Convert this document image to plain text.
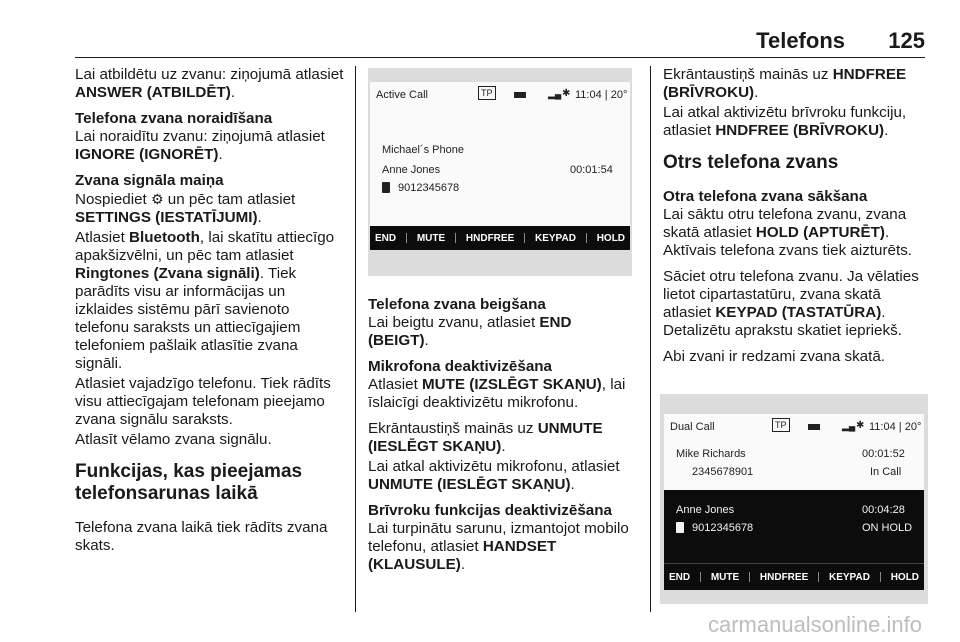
Telefons 125

Lai atbildētu uz zvanu: ziņojumā atlasiet ANSWER (ATBILDĒT).

Telefona zvana noraidīšana

Lai noraidītu zvanu: ziņojumā atlasiet IGNORE (IGNORĒT).

Zvana signāla maiņa

Nospiediet ⚙ un pēc tam atlasiet SETTINGS (IESTATĪJUMI).

Atlasiet Bluetooth, lai skatītu attiecīgo apakšizvēlni, un pēc tam atlasiet Ringtones (Zvana signāli). Tiek parādīts visu ar informācijas un izklaides sistēmu pārī savienoto telefonu saraksts un attiecīgajiem telefoniem pašlaik atlasītie zvana signāli.

Atlasiet vajadzīgo telefonu. Tiek rādīts visu attiecīgajam telefonam pieejamo zvana signālu saraksts.

Atlasīt vēlamo zvana signālu.

Funkcijas, kas pieejamas telefonsarunas laikā

Telefona zvana laikā tiek rādīts zvana skats.

Active Call	TP	▂▄ ✱ 11:04 | 20°
Michael´s Phone
Anne Jones	00:01:54
9012345678
END MUTE HNDFREE KEYPAD HOLD

Telefona zvana beigšana

Lai beigtu zvanu, atlasiet END (BEIGT).

Mikrofona deaktivizēšana

Atlasiet MUTE (IZSLĒGT SKAŅU), lai īslaicīgi deaktivizētu mikrofonu.

Ekrāntaustiņš mainās uz UNMUTE (IESLĒGT SKAŅU).

Lai atkal aktivizētu mikrofonu, atlasiet UNMUTE (IESLĒGT SKAŅU).

Brīvroku funkcijas deaktivizēšana

Lai turpinātu sarunu, izmantojot mobilo telefonu, atlasiet HANDSET (KLAUSULE).

Ekrāntaustiņš mainās uz HNDFREE (BRĪVROKU).

Lai atkal aktivizētu brīvroku funkciju, atlasiet HNDFREE (BRĪVROKU).

Otrs telefona zvans

Otra telefona zvana sākšana

Lai sāktu otru telefona zvanu, zvana skatā atlasiet HOLD (APTURĒT). Aktīvais telefona zvans tiek aizturēts.

Sāciet otru telefona zvanu. Ja vēlaties lietot cipartastatūru, zvana skatā atlasiet KEYPAD (TASTATŪRA). Detalizētu aprakstu skatiet iepriekš.

Abi zvani ir redzami zvana skatā.

Dual Call	TP	▂▄ ✱ 11:04 | 20°
Mike Richards	00:01:52
2345678901	In Call
Anne Jones	00:04:28
9012345678	ON HOLD
END MUTE HNDFREE KEYPAD HOLD
carmanualsonline.info
